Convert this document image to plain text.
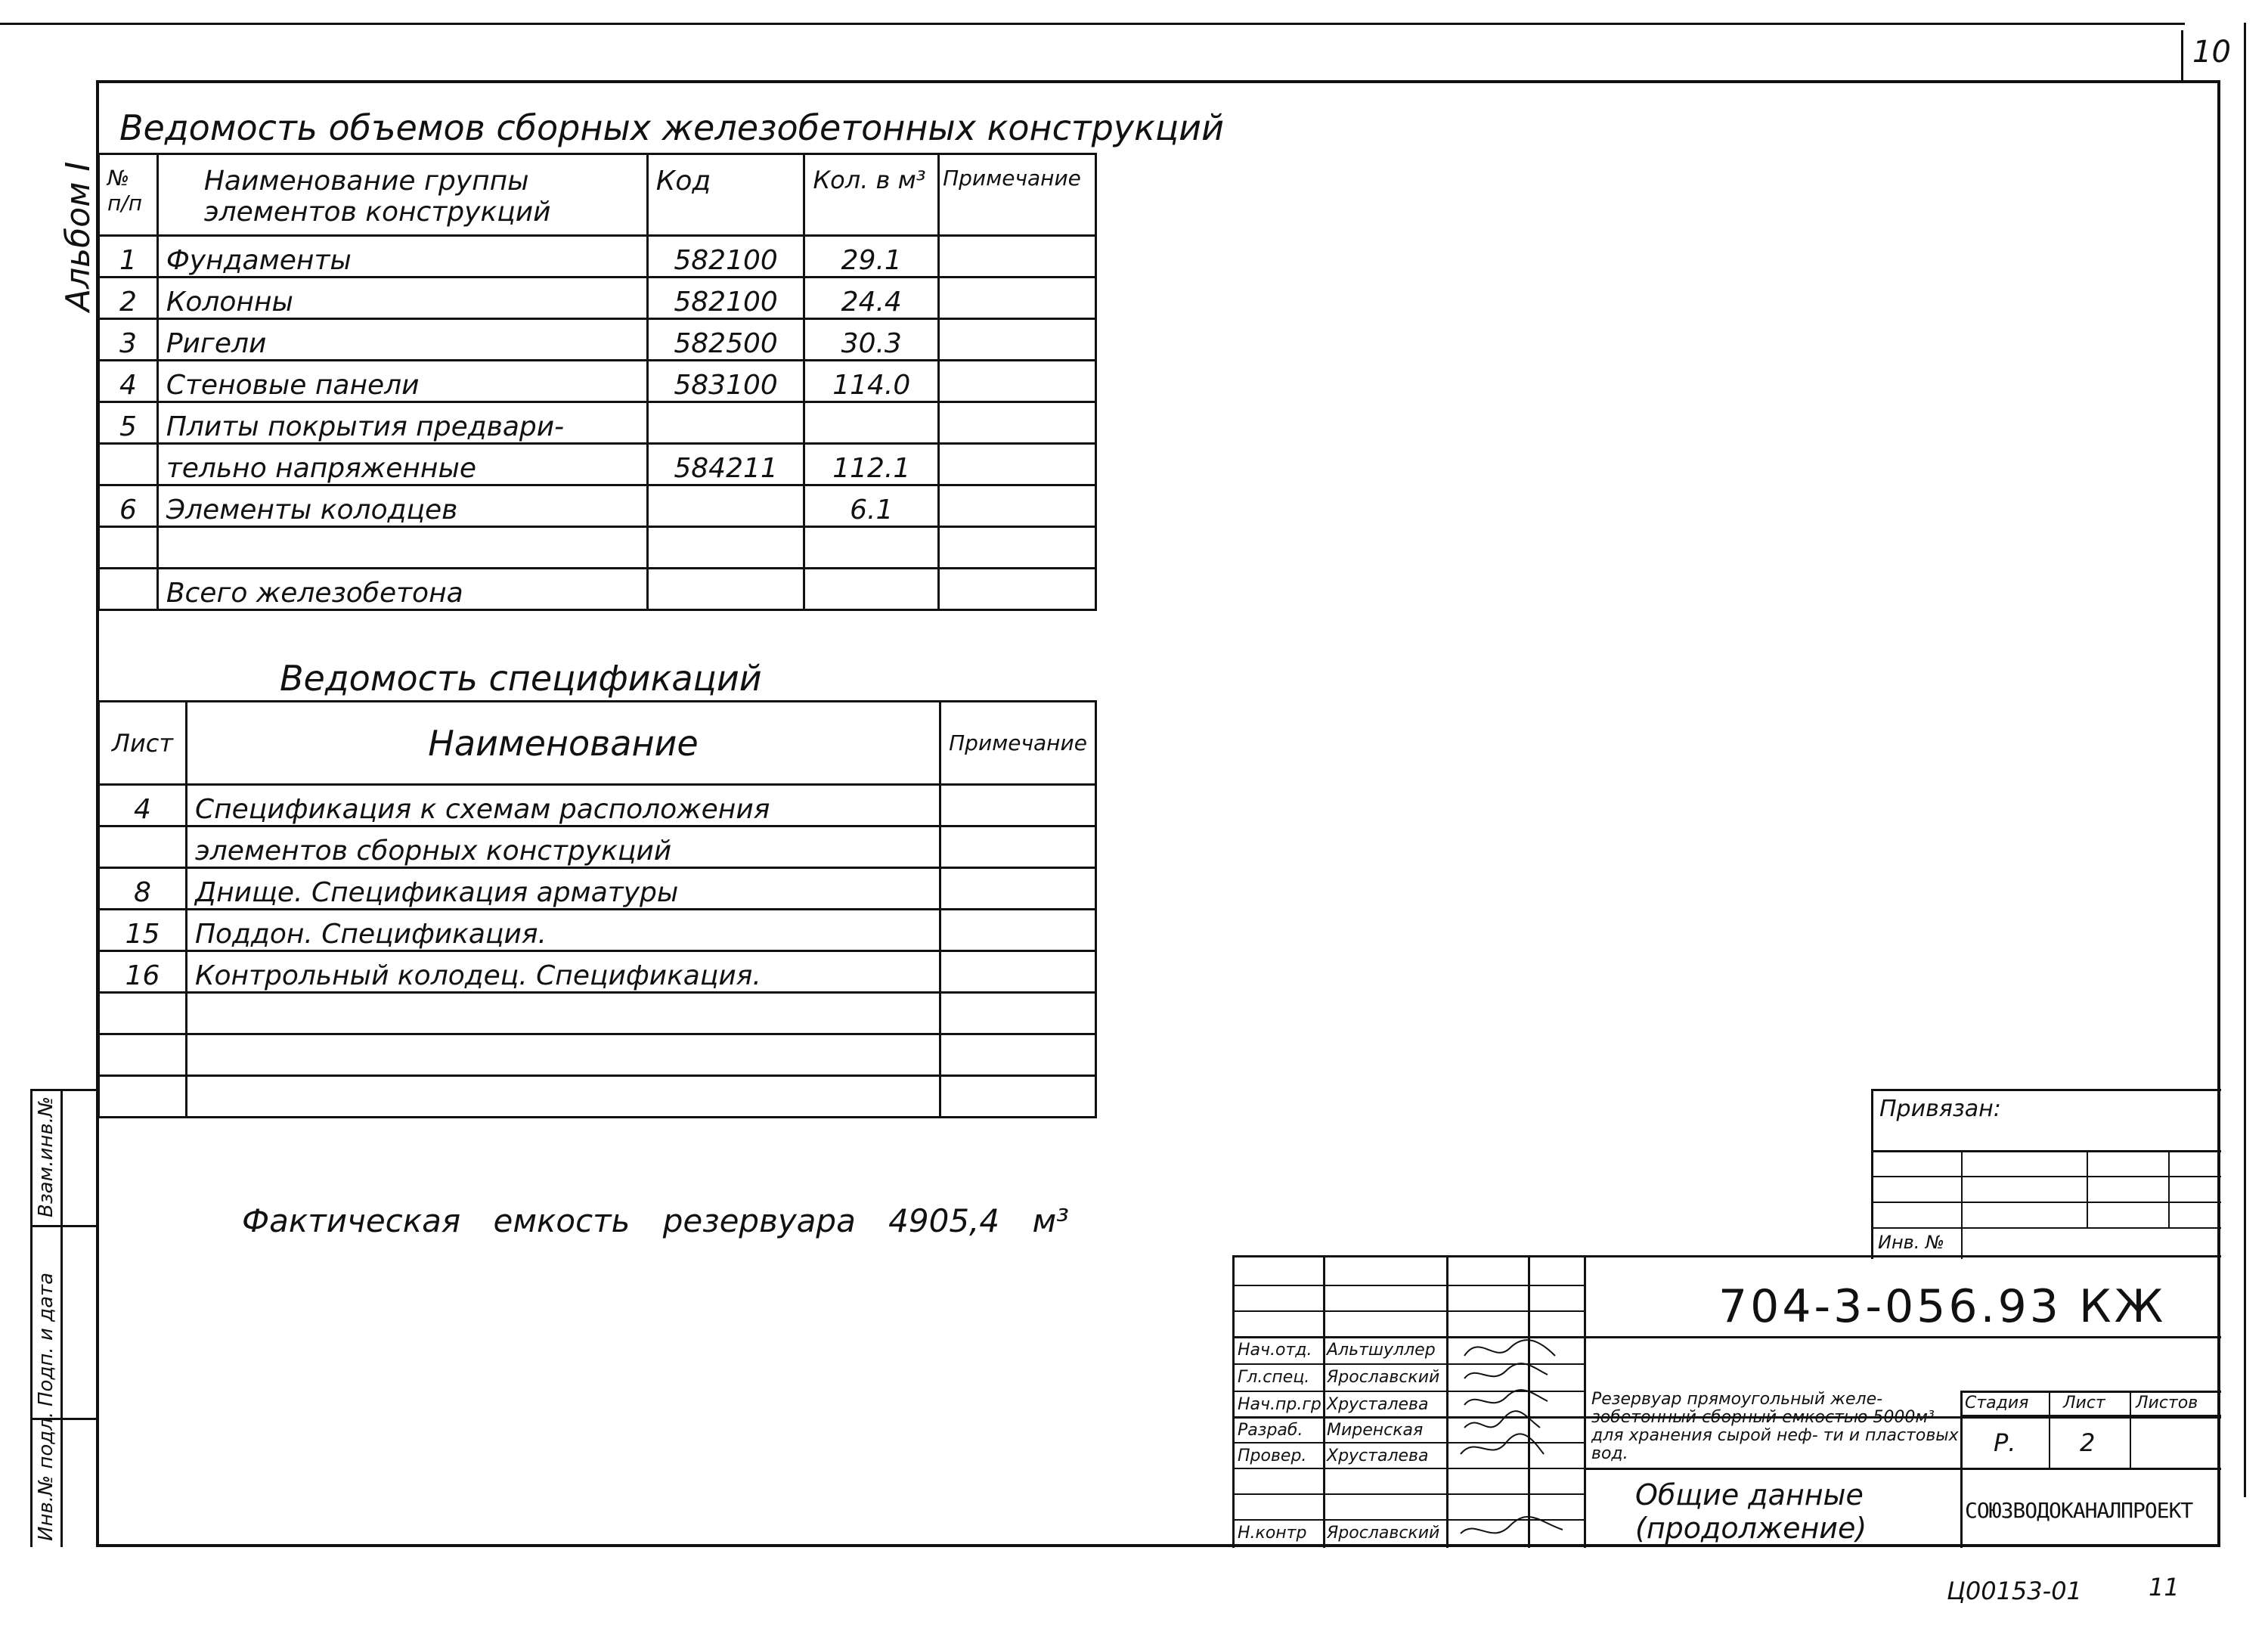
10
Альбом I
Взам.инв.№
Подп. и дата
Инв.№ подл.
Ведомость объемов сборных железобетонных конструкций
№ п/п	Наименование группы элементов конструкций	Код	Кол. в м³	Примечание
1	Фундаменты	582100	29.1	
2	Колонны	582100	24.4	
3	Ригели	582500	30.3	
4	Стеновые панели	583100	114.0	
5	Плиты покрытия предвари-			
	тельно напряженные	584211	112.1	
6	Элементы колодцев		6.1	

	Всего железобетона			
Ведомость спецификаций
Лист	Наименование	Примечание
4	Спецификация к схемам расположения	
	элементов сборных конструкций	
8	Днище. Спецификация арматуры	
15	Поддон. Спецификация.	
16	Контрольный колодец. Спецификация.	

Фактическая емкость резервуара 4905,4 м³
Привязан:
Инв. №
Нач.отд. Альтшуллер
Гл.спец. Ярославский
Нач.пр.гр Хрусталева
Разраб. Миренская
Провер. Хрусталева
Н.контр Ярославский
704-3-056.93 КЖ
Резервуар прямоугольный желе- зобетонный сборный емкостью 5000м³ для хранения сырой неф- ти и пластовых вод.
Стадия Лист Листов
Р.	2
Общие данные (продолжение)
СОЮЗВОДОКАНАЛПРОЕКТ
Ц00153-01	11
